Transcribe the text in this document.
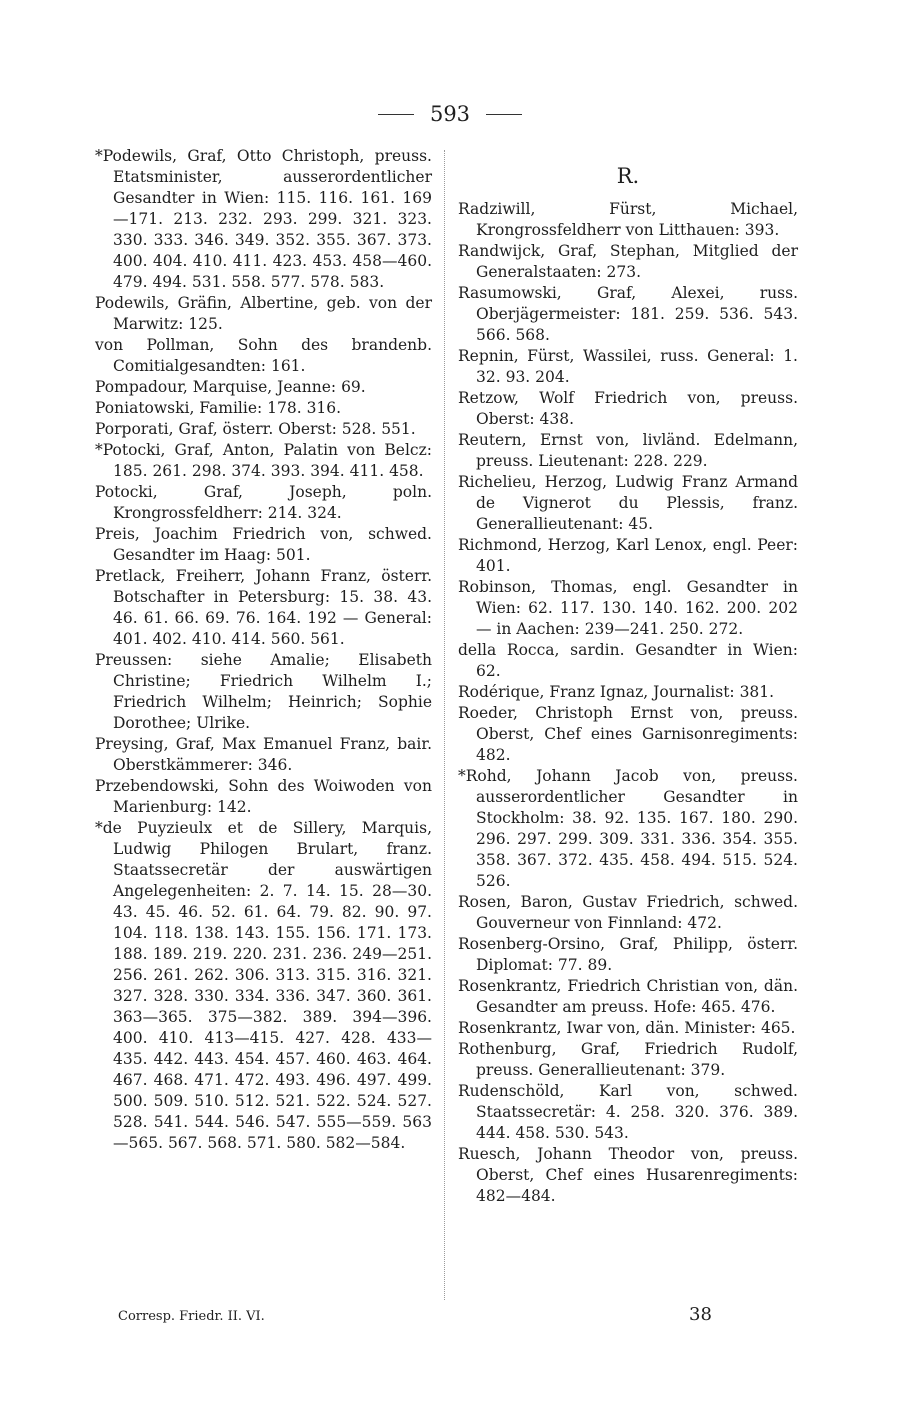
593

*Podewils, Graf, Otto Christoph, preuss. Etatsminister, ausserordentlicher Gesandter in Wien: 115. 116. 161. 169—171. 213. 232. 293. 299. 321. 323. 330. 333. 346. 349. 352. 355. 367. 373. 400. 404. 410. 411. 423. 453. 458—460. 479. 494. 531. 558. 577. 578. 583.

Podewils, Gräfin, Albertine, geb. von der Marwitz: 125.

von Pollman, Sohn des brandenb. Comitialgesandten: 161.

Pompadour, Marquise, Jeanne: 69.

Poniatowski, Familie: 178. 316.

Porporati, Graf, österr. Oberst: 528. 551.

*Potocki, Graf, Anton, Palatin von Belcz: 185. 261. 298. 374. 393. 394. 411. 458.

Potocki, Graf, Joseph, poln. Krongrossfeldherr: 214. 324.

Preis, Joachim Friedrich von, schwed. Gesandter im Haag: 501.

Pretlack, Freiherr, Johann Franz, österr. Botschafter in Petersburg: 15. 38. 43. 46. 61. 66. 69. 76. 164. 192 — General: 401. 402. 410. 414. 560. 561.

Preussen: siehe Amalie; Elisabeth Christine; Friedrich Wilhelm I.; Friedrich Wilhelm; Heinrich; Sophie Dorothee; Ulrike.

Preysing, Graf, Max Emanuel Franz, bair. Oberstkämmerer: 346.

Przebendowski, Sohn des Woiwoden von Marienburg: 142.

*de Puyzieulx et de Sillery, Marquis, Ludwig Philogen Brulart, franz. Staatssecretär der auswärtigen Angelegenheiten: 2. 7. 14. 15. 28—30. 43. 45. 46. 52. 61. 64. 79. 82. 90. 97. 104. 118. 138. 143. 155. 156. 171. 173. 188. 189. 219. 220. 231. 236. 249—251. 256. 261. 262. 306. 313. 315. 316. 321. 327. 328. 330. 334. 336. 347. 360. 361. 363—365. 375—382. 389. 394—396. 400. 410. 413—415. 427. 428. 433—435. 442. 443. 454. 457. 460. 463. 464. 467. 468. 471. 472. 493. 496. 497. 499. 500. 509. 510. 512. 521. 522. 524. 527. 528. 541. 544. 546. 547. 555—559. 563—565. 567. 568. 571. 580. 582—584.

R.

Radziwill, Fürst, Michael, Krongrossfeldherr von Litthauen: 393.

Randwijck, Graf, Stephan, Mitglied der Generalstaaten: 273.

Rasumowski, Graf, Alexei, russ. Oberjägermeister: 181. 259. 536. 543. 566. 568.

Repnin, Fürst, Wassilei, russ. General: 1. 32. 93. 204.

Retzow, Wolf Friedrich von, preuss. Oberst: 438.

Reutern, Ernst von, livländ. Edelmann, preuss. Lieutenant: 228. 229.

Richelieu, Herzog, Ludwig Franz Armand de Vignerot du Plessis, franz. Generallieutenant: 45.

Richmond, Herzog, Karl Lenox, engl. Peer: 401.

Robinson, Thomas, engl. Gesandter in Wien: 62. 117. 130. 140. 162. 200. 202 — in Aachen: 239—241. 250. 272.

della Rocca, sardin. Gesandter in Wien: 62.

Rodérique, Franz Ignaz, Journalist: 381.

Roeder, Christoph Ernst von, preuss. Oberst, Chef eines Garnisonregiments: 482.

*Rohd, Johann Jacob von, preuss. ausserordentlicher Gesandter in Stockholm: 38. 92. 135. 167. 180. 290. 296. 297. 299. 309. 331. 336. 354. 355. 358. 367. 372. 435. 458. 494. 515. 524. 526.

Rosen, Baron, Gustav Friedrich, schwed. Gouverneur von Finnland: 472.

Rosenberg-Orsino, Graf, Philipp, österr. Diplomat: 77. 89.

Rosenkrantz, Friedrich Christian von, dän. Gesandter am preuss. Hofe: 465. 476.

Rosenkrantz, Iwar von, dän. Minister: 465.

Rothenburg, Graf, Friedrich Rudolf, preuss. Generallieutenant: 379.

Rudenschöld, Karl von, schwed. Staatssecretär: 4. 258. 320. 376. 389. 444. 458. 530. 543.

Ruesch, Johann Theodor von, preuss. Oberst, Chef eines Husarenregiments: 482—484.

Corresp. Friedr. II. VI.	38
